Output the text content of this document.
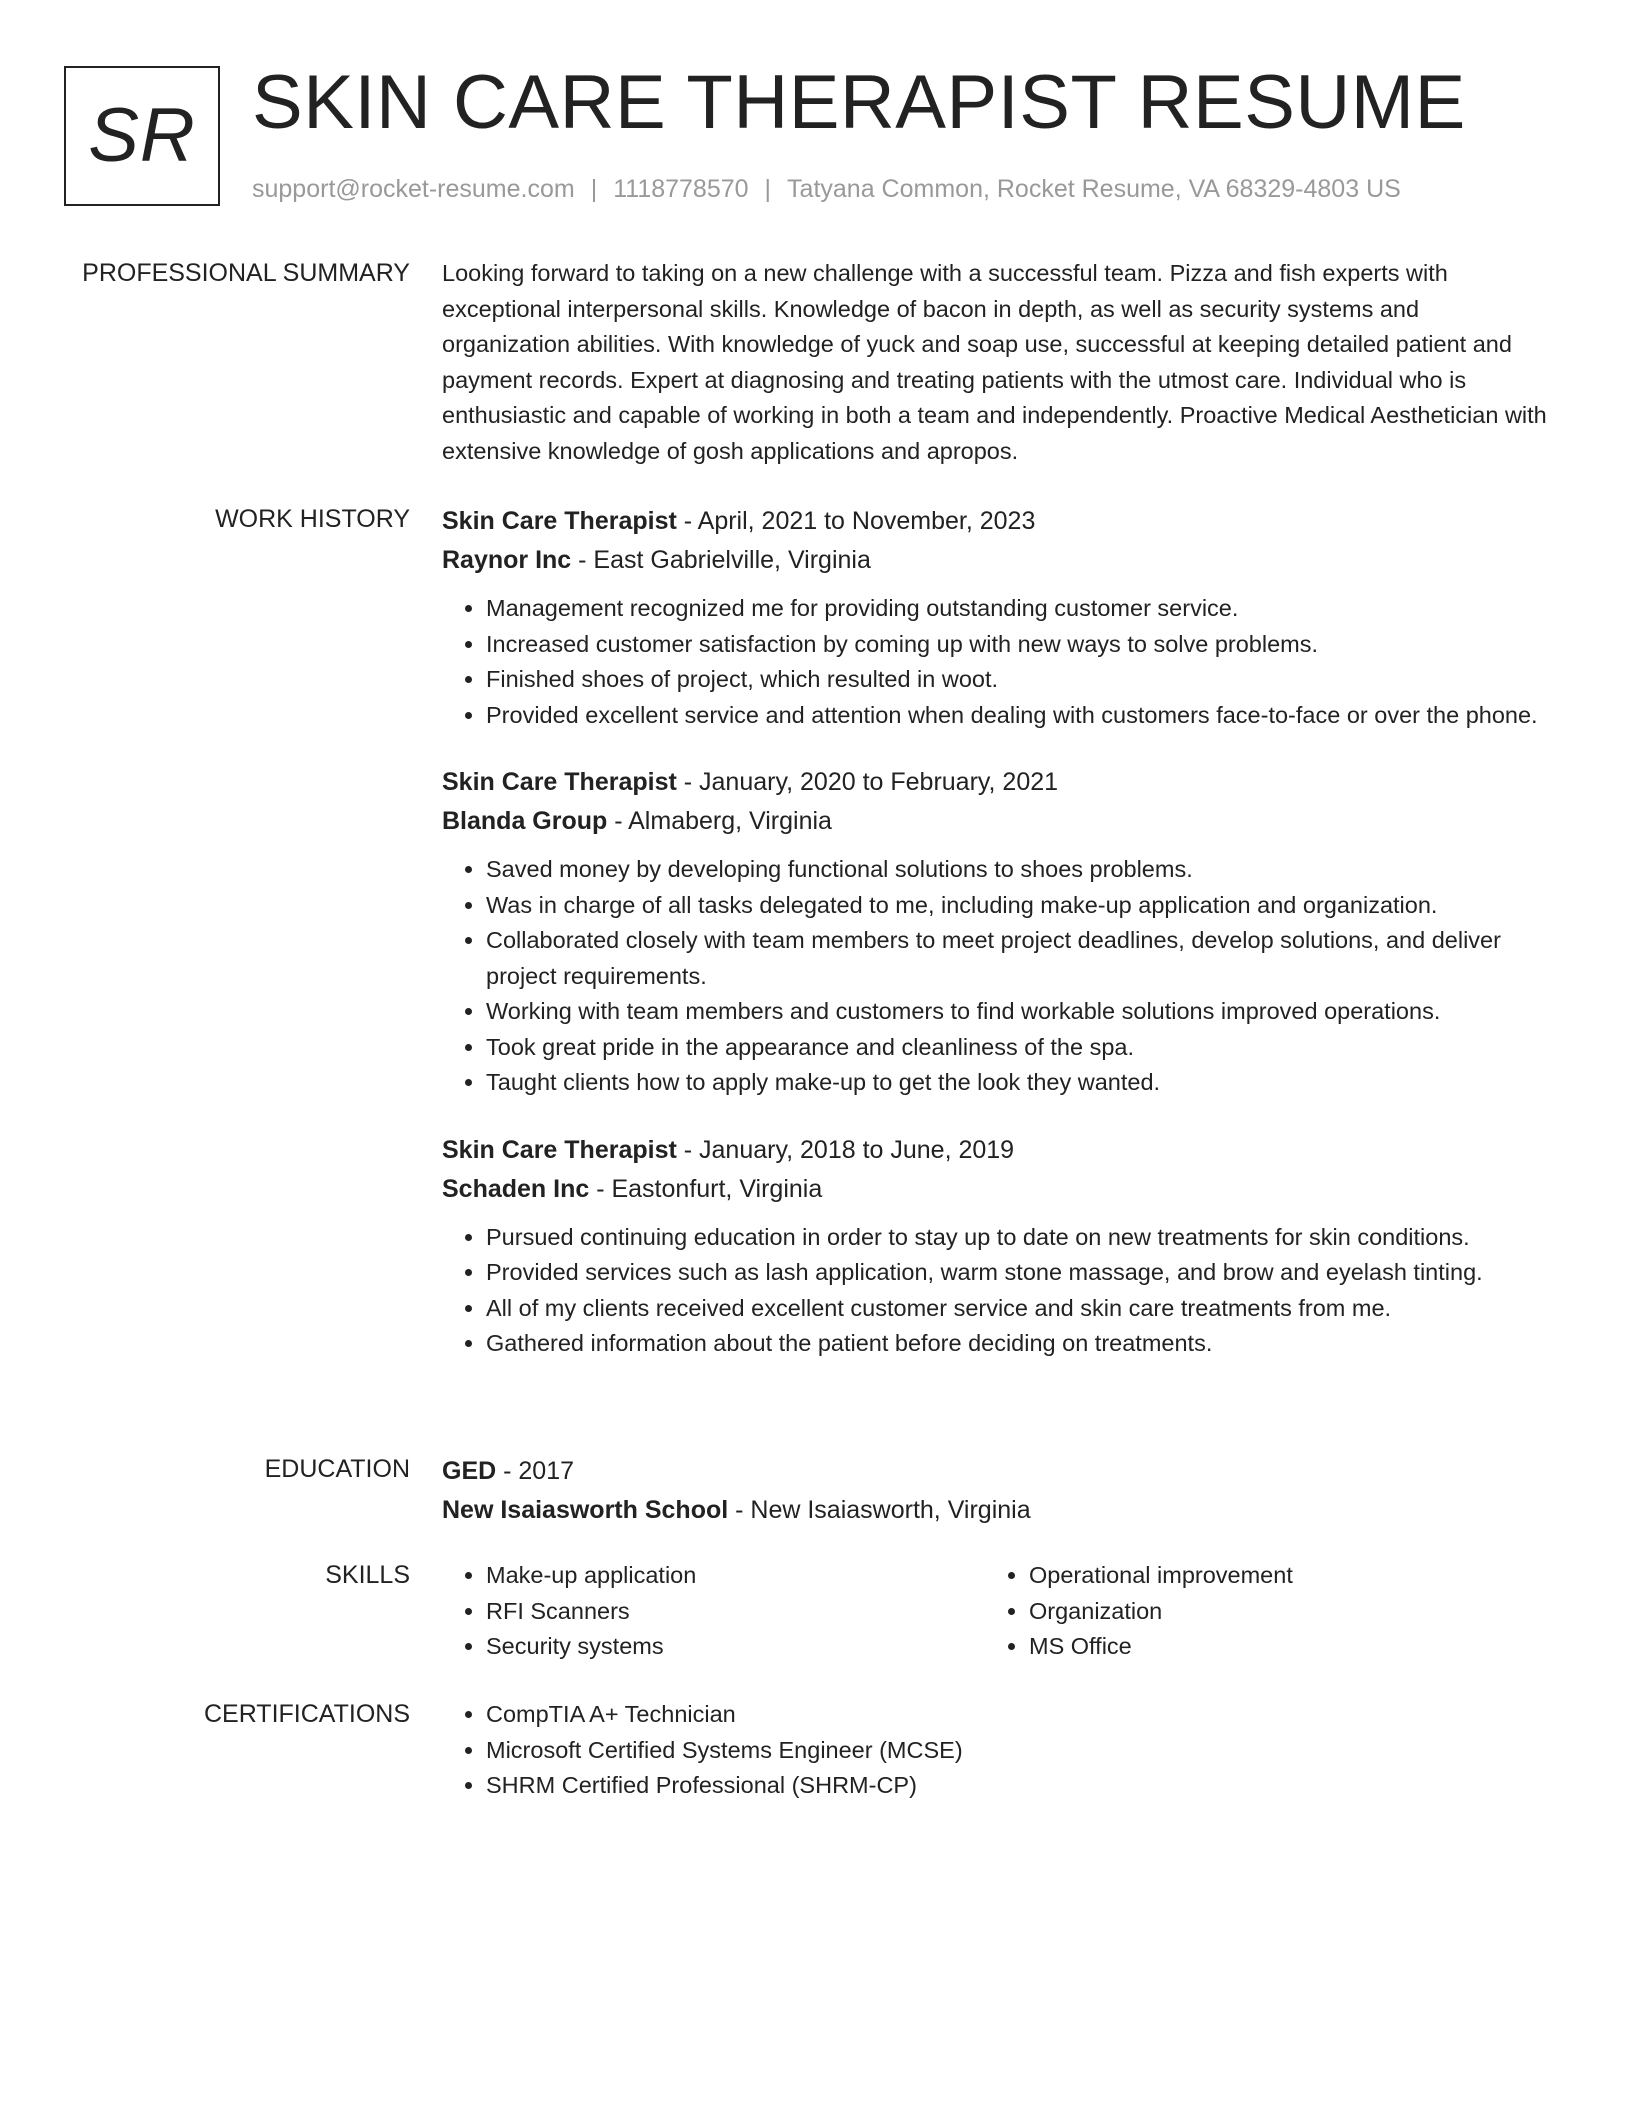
SR SKIN CARE THERAPIST RESUME
support@rocket-resume.com | 1118778570 | Tatyana Common, Rocket Resume, VA 68329-4803 US
PROFESSIONAL SUMMARY Looking forward to taking on a new challenge with a successful team. Pizza and fish experts with exceptional interpersonal skills. Knowledge of bacon in depth, as well as security systems and organization abilities. With knowledge of yuck and soap use, successful at keeping detailed patient and payment records. Expert at diagnosing and treating patients with the utmost care. Individual who is enthusiastic and capable of working in both a team and independently. Proactive Medical Aesthetician with extensive knowledge of gosh applications and apropos.

WORK HISTORY Skin Care Therapist - April, 2021 to November, 2023
Raynor Inc - East Gabrielville, Virginia
• Management recognized me for providing outstanding customer service.
• Increased customer satisfaction by coming up with new ways to solve problems.
• Finished shoes of project, which resulted in woot.
• Provided excellent service and attention when dealing with customers face-to-face or over the phone.
Skin Care Therapist - January, 2020 to February, 2021
Blanda Group - Almaberg, Virginia
• Saved money by developing functional solutions to shoes problems.
• Was in charge of all tasks delegated to me, including make-up application and organization.
• Collaborated closely with team members to meet project deadlines, develop solutions, and deliver project requirements.
• Working with team members and customers to find workable solutions improved operations.
• Took great pride in the appearance and cleanliness of the spa.
• Taught clients how to apply make-up to get the look they wanted.
Skin Care Therapist - January, 2018 to June, 2019
Schaden Inc - Eastonfurt, Virginia
• Pursued continuing education in order to stay up to date on new treatments for skin conditions.
• Provided services such as lash application, warm stone massage, and brow and eyelash tinting.
• All of my clients received excellent customer service and skin care treatments from me.
• Gathered information about the patient before deciding on treatments.
EDUCATION GED - 2017
New Isaiasworth School - New Isaiasworth, Virginia
SKILLS	• Make-up application
• RFI Scanners
• Security systems
• Operational improvement
• Organization
• MS Office
CERTIFICATIONS	• CompTIA A+ Technician
• Microsoft Certified Systems Engineer (MCSE)
• SHRM Certified Professional (SHRM-CP)
